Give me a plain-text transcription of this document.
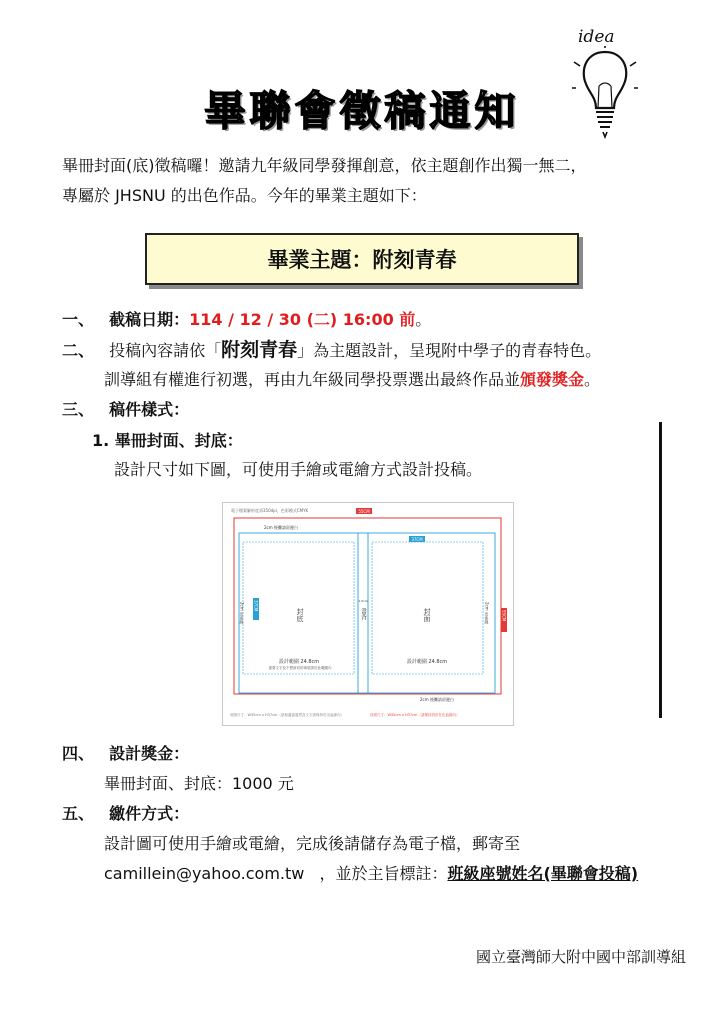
畢聯會徵稿通知
idea
畢冊封面(底)徵稿囉！邀請九年級同學發揮創意，依主題創作出獨一無二，
專屬於 JHSNU 的出色作品。今年的畢業主題如下：
畢業主題：附刻青春
一、 截稿日期：114 / 12 / 30 (二) 16:00 前。
二、 投稿內容請依「附刻青春」為主題設計，呈現附中學子的青春特色。
訓導組有權進行初選，再由九年級同學投票選出最終作品並頒發獎金。
三、 稿件樣式：
1. 畢冊封面、封底：
設計尺寸如下圖，可使用手繪或電繪方式設計投稿。
電子檔案解析度須350dpi，色彩模式CMYK	55CM
2cm 後攤請留邊白
37CM
37CM
55CM
2cm 出血線	2cm 出血線
封底	書背
1.5cm
封面
設計範圍 24.8cm	設計範圍 24.8cm
重要文字及不想被切的事項請於此範圍內
2cm 後攤請留邊白
底版尺寸：W55cm x H37cm（請留適當邊界及文字請保持於出血線內）	封面尺寸：W55cm x H37cm（請保持設計在出血線內）
四、 設計獎金：
畢冊封面、封底：1000 元
五、 繳件方式：
設計圖可使用手繪或電繪，完成後請儲存為電子檔，郵寄至
camillein@yahoo.com.tw ，並於主旨標註：班級座號姓名(畢聯會投稿)
國立臺灣師大附中國中部訓導組
